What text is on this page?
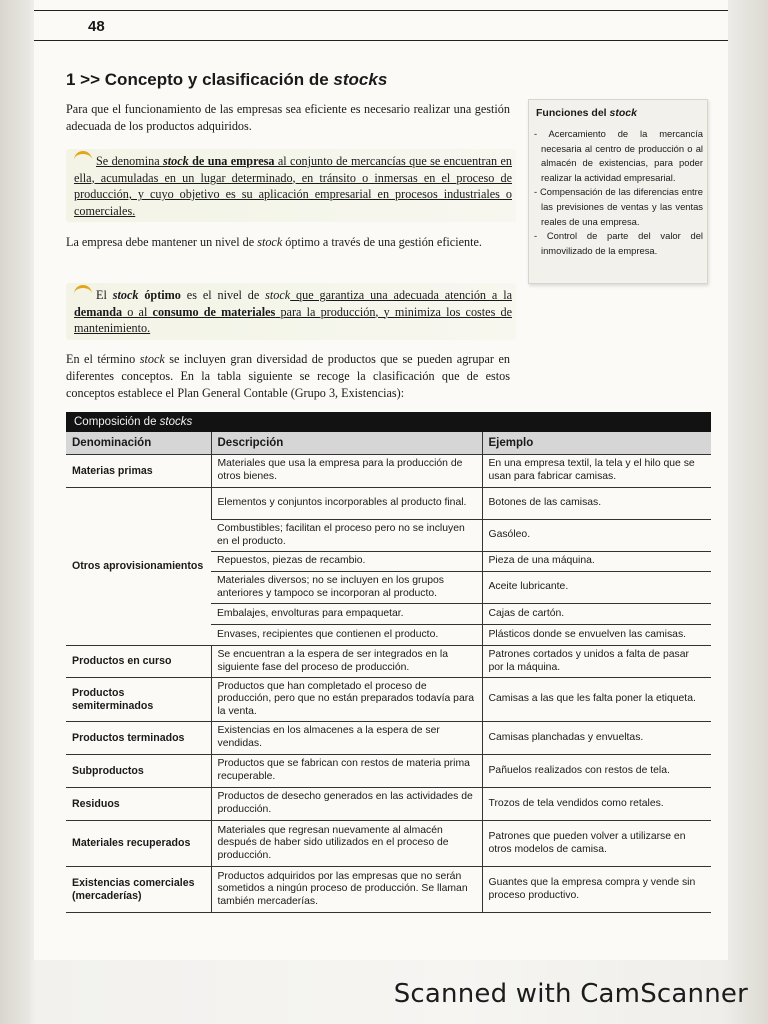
48
1 >> Concepto y clasificación de stocks
Para que el funcionamiento de las empresas sea eficiente es necesario realizar una gestión adecuada de los productos adquiridos.
Se denomina stock de una empresa al conjunto de mercancías que se encuentran en ella, acumuladas en un lugar determinado, en tránsito o inmersas en el proceso de producción, y cuyo objetivo es su aplicación empresarial en procesos industriales o comerciales.
La empresa debe mantener un nivel de stock óptimo a través de una gestión eficiente.
El stock óptimo es el nivel de stock que garantiza una adecuada atención a la demanda o al consumo de materiales para la producción, y minimiza los costes de mantenimiento.
En el término stock se incluyen gran diversidad de productos que se pueden agrupar en diferentes conceptos. En la tabla siguiente se recoge la clasificación que de estos conceptos establece el Plan General Contable (Grupo 3, Existencias):
Funciones del stock
- Acercamiento de la mercancía necesaria al centro de producción o al almacén de existencias, para poder realizar la actividad empresarial.
- Compensación de las diferencias entre las previsiones de ventas y las ventas reales de una empresa.
- Control de parte del valor del inmovilizado de la empresa.
Composición de stocks
Denominación	Descripción	Ejemplo
Materias primas	Materiales que usa la empresa para la producción de otros bienes.	En una empresa textil, la tela y el hilo que se usan para fabricar camisas.
Otros aprovisionamientos	Elementos y conjuntos incorporables al producto final.	Botones de las camisas.
	Combustibles; facilitan el proceso pero no se incluyen en el producto.	Gasóleo.
	Repuestos, piezas de recambio.	Pieza de una máquina.
	Materiales diversos; no se incluyen en los grupos anteriores y tampoco se incorporan al producto.	Aceite lubricante.
	Embalajes, envolturas para empaquetar.	Cajas de cartón.
	Envases, recipientes que contienen el producto.	Plásticos donde se envuelven las camisas.
Productos en curso	Se encuentran a la espera de ser integrados en la siguiente fase del proceso de producción.	Patrones cortados y unidos a falta de pasar por la máquina.
Productos semiterminados	Productos que han completado el proceso de producción, pero que no están preparados todavía para la venta.	Camisas a las que les falta poner la etiqueta.
Productos terminados	Existencias en los almacenes a la espera de ser vendidas.	Camisas planchadas y envueltas.
Subproductos	Productos que se fabrican con restos de materia prima recuperable.	Pañuelos realizados con restos de tela.
Residuos	Productos de desecho generados en las actividades de producción.	Trozos de tela vendidos como retales.
Materiales recuperados	Materiales que regresan nuevamente al almacén después de haber sido utilizados en el proceso de producción.	Patrones que pueden volver a utilizarse en otros modelos de camisa.
Existencias comerciales (mercaderías)	Productos adquiridos por las empresas que no serán sometidos a ningún proceso de producción. Se llaman también mercaderías.	Guantes que la empresa compra y vende sin proceso productivo.
Scanned with CamScanner
